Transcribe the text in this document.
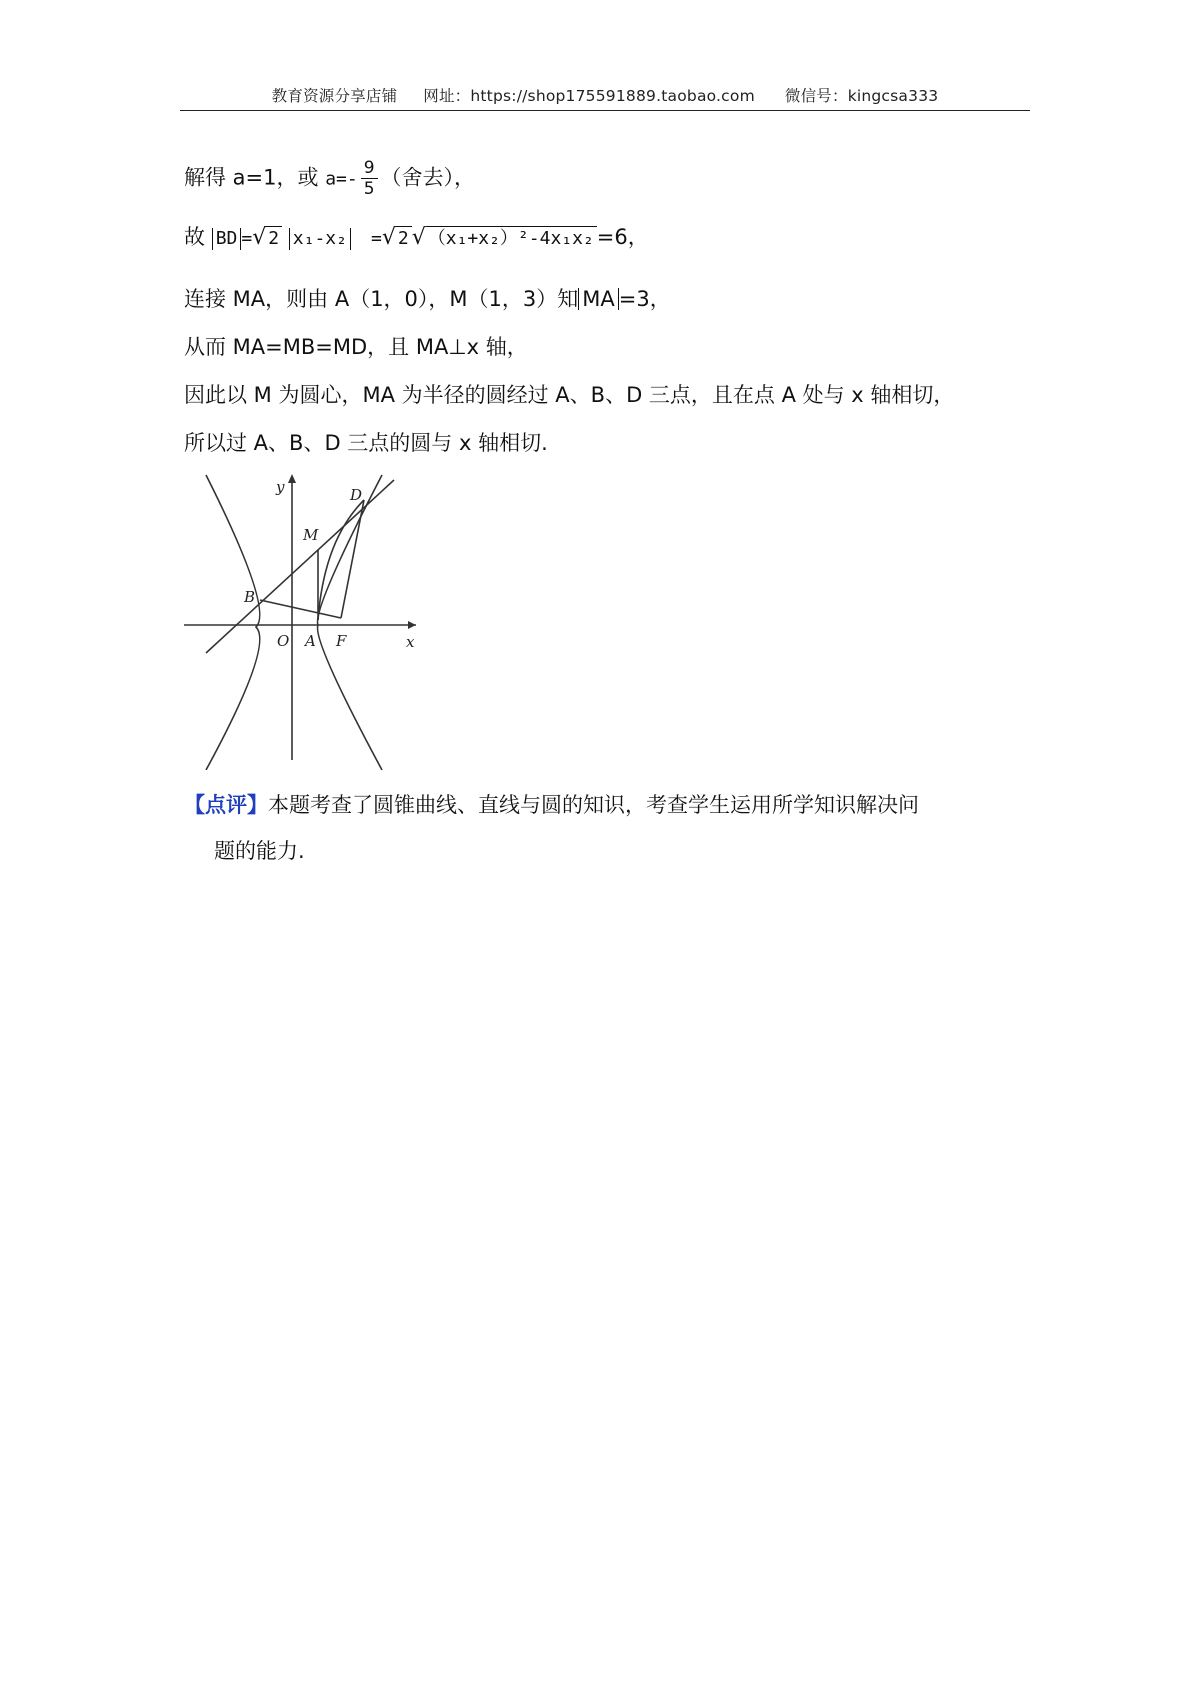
教育资源分享店铺 网址：https://shop175591889.taobao.com 微信号：kingcsa333
解得 a=1，或 $a=- \frac{9}{5}$ （舍去），
故 BD =√ 2 x₁-x₂ =√ 2 √ （x₁+x₂）²-4x₁x₂ =6，
连接 MA，则由 A（1，0），M（1，3）知 MA =3，
从而 MA=MB=MD，且 MA⊥x 轴，
因此以 M 为圆心，MA 为半径的圆经过 A、B、D 三点，且在点 A 处与 x 轴相切，
所以过 A、B、D 三点的圆与 x 轴相切.
y
x
D
M
B
O A F
【点评】本题考查了圆锥曲线、直线与圆的知识，考查学生运用所学知识解决问
题的能力.
